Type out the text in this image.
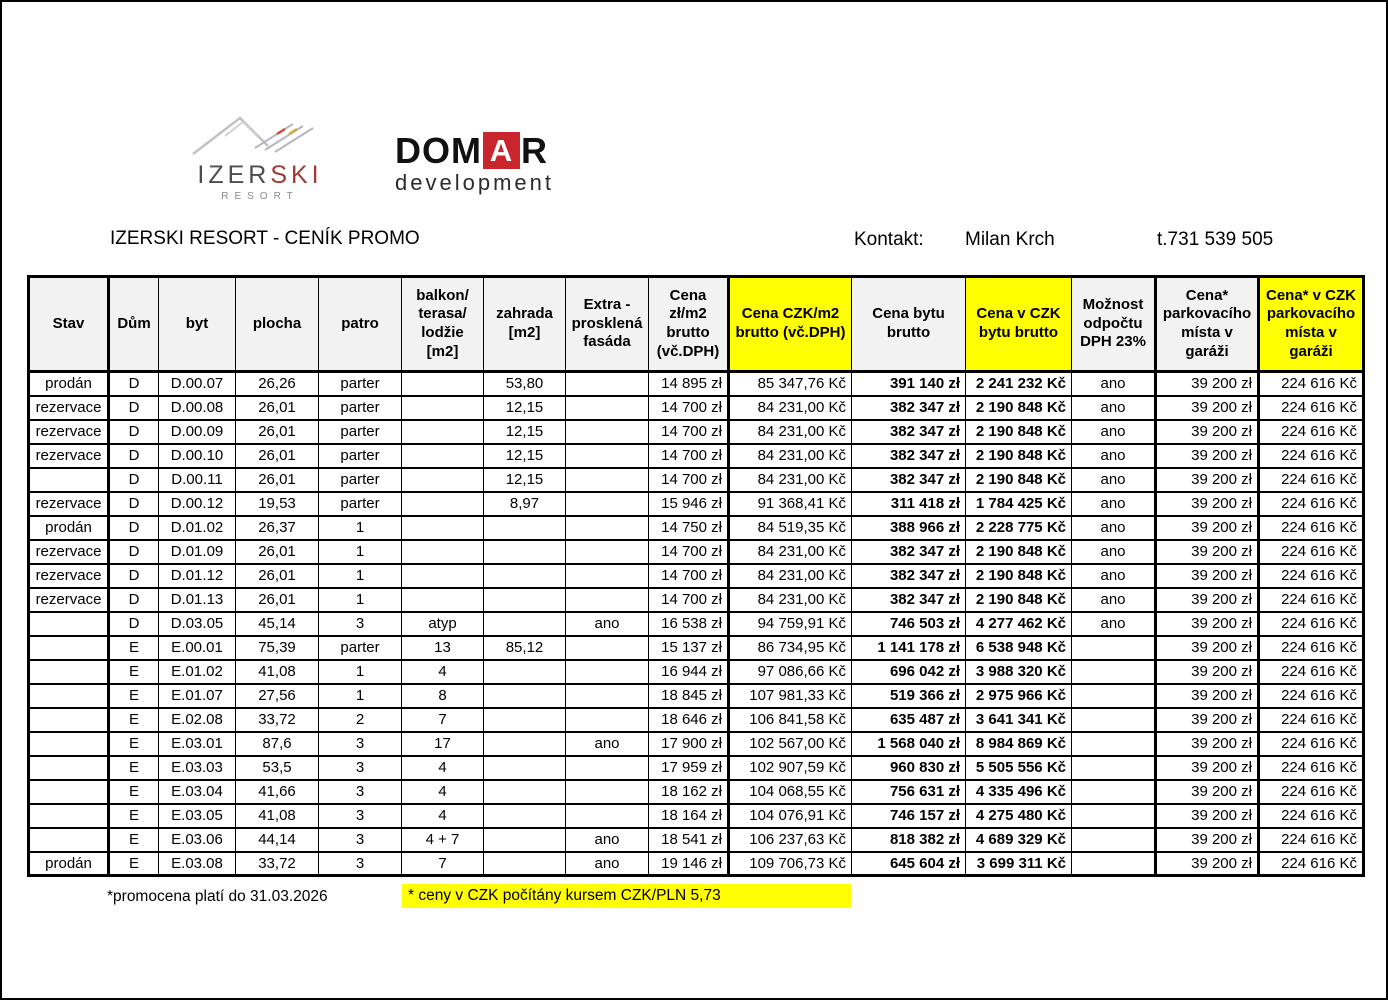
IZERSKI
RESORT
DOM A R
development
IZERSKI RESORT - CENÍK PROMO	Kontakt: Milan Krch	t.731 539 505
Stav	Dům	byt	plocha	patro	balkon/ terasa/ lodžie [m2]	zahrada [m2]	Extra - prosklená fasáda	Cena zł/m2 brutto (vč.DPH)	Cena CZK/m2 brutto (vč.DPH)	Cena bytu brutto	Cena v CZK bytu brutto	Možnost odpočtu DPH 23%	Cena* parkovacího místa v garáži	Cena* v CZK parkovacího místa v garáži
prodán	D	D.00.07	26,26	parter		53,80		14 895 zł	85 347,76 Kč	391 140 zł	2 241 232 Kč	ano	39 200 zł	224 616 Kč
rezervace	D	D.00.08	26,01	parter		12,15		14 700 zł	84 231,00 Kč	382 347 zł	2 190 848 Kč	ano	39 200 zł	224 616 Kč
rezervace	D	D.00.09	26,01	parter		12,15		14 700 zł	84 231,00 Kč	382 347 zł	2 190 848 Kč	ano	39 200 zł	224 616 Kč
rezervace	D	D.00.10	26,01	parter		12,15		14 700 zł	84 231,00 Kč	382 347 zł	2 190 848 Kč	ano	39 200 zł	224 616 Kč
	D	D.00.11	26,01	parter		12,15		14 700 zł	84 231,00 Kč	382 347 zł	2 190 848 Kč	ano	39 200 zł	224 616 Kč
rezervace	D	D.00.12	19,53	parter		8,97		15 946 zł	91 368,41 Kč	311 418 zł	1 784 425 Kč	ano	39 200 zł	224 616 Kč
prodán	D	D.01.02	26,37	1				14 750 zł	84 519,35 Kč	388 966 zł	2 228 775 Kč	ano	39 200 zł	224 616 Kč
rezervace	D	D.01.09	26,01	1				14 700 zł	84 231,00 Kč	382 347 zł	2 190 848 Kč	ano	39 200 zł	224 616 Kč
rezervace	D	D.01.12	26,01	1				14 700 zł	84 231,00 Kč	382 347 zł	2 190 848 Kč	ano	39 200 zł	224 616 Kč
rezervace	D	D.01.13	26,01	1				14 700 zł	84 231,00 Kč	382 347 zł	2 190 848 Kč	ano	39 200 zł	224 616 Kč
	D	D.03.05	45,14	3	atyp		ano	16 538 zł	94 759,91 Kč	746 503 zł	4 277 462 Kč	ano	39 200 zł	224 616 Kč
	E	E.00.01	75,39	parter	13	85,12		15 137 zł	86 734,95 Kč	1 141 178 zł	6 538 948 Kč		39 200 zł	224 616 Kč
	E	E.01.02	41,08	1	4			16 944 zł	97 086,66 Kč	696 042 zł	3 988 320 Kč		39 200 zł	224 616 Kč
	E	E.01.07	27,56	1	8			18 845 zł	107 981,33 Kč	519 366 zł	2 975 966 Kč		39 200 zł	224 616 Kč
	E	E.02.08	33,72	2	7			18 646 zł	106 841,58 Kč	635 487 zł	3 641 341 Kč		39 200 zł	224 616 Kč
	E	E.03.01	87,6	3	17		ano	17 900 zł	102 567,00 Kč	1 568 040 zł	8 984 869 Kč		39 200 zł	224 616 Kč
	E	E.03.03	53,5	3	4			17 959 zł	102 907,59 Kč	960 830 zł	5 505 556 Kč		39 200 zł	224 616 Kč
	E	E.03.04	41,66	3	4			18 162 zł	104 068,55 Kč	756 631 zł	4 335 496 Kč		39 200 zł	224 616 Kč
	E	E.03.05	41,08	3	4			18 164 zł	104 076,91 Kč	746 157 zł	4 275 480 Kč		39 200 zł	224 616 Kč
	E	E.03.06	44,14	3	4 + 7		ano	18 541 zł	106 237,63 Kč	818 382 zł	4 689 329 Kč		39 200 zł	224 616 Kč
prodán	E	E.03.08	33,72	3	7		ano	19 146 zł	109 706,73 Kč	645 604 zł	3 699 311 Kč		39 200 zł	224 616 Kč
*promocena platí do 31.03.2026	* ceny v CZK počítány kursem CZK/PLN 5,73
